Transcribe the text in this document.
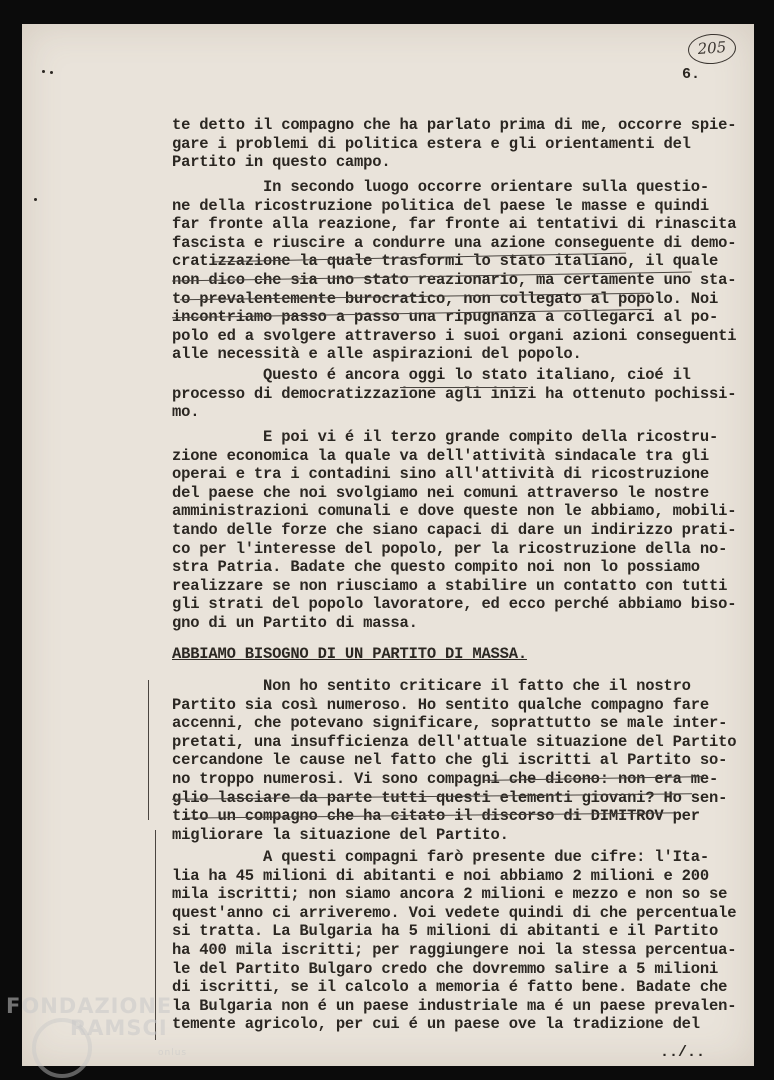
205
6.

te detto il compagno che ha parlato prima di me, occorre spie-
gare i problemi di politica estera e gli orientamenti del
Partito in questo campo.

In secondo luogo occorre orientare sulla questio-
ne della ricostruzione politica del paese le masse e quindi
far fronte alla reazione, far fronte ai tentativi di rinascita
fascista e riuscire a condurre una azione conseguente di demo-
cratizzazione la quale trasformi lo stato italiano, il quale
non dico che sia uno stato reazionario, ma certamente uno sta-
to prevalentemente burocratico, non collegato al popolo. Noi
incontriamo passo a passo una ripugnanza a collegarci al po-
polo ed a svolgere attraverso i suoi organi azioni conseguenti
alle necessità e alle aspirazioni del popolo.

Questo é ancora oggi lo stato italiano, cioé il
processo di democratizzazione agli inizi ha ottenuto pochissi-
mo.

E poi vi é il terzo grande compito della ricostru-
zione economica la quale va dell'attività sindacale tra gli
operai e tra i contadini sino all'attività di ricostruzione
del paese che noi svolgiamo nei comuni attraverso le nostre
amministrazioni comunali e dove queste non le abbiamo, mobili-
tando delle forze che siano capaci di dare un indirizzo prati-
co per l'interesse del popolo, per la ricostruzione della no-
stra Patria. Badate che questo compito noi non lo possiamo
realizzare se non riusciamo a stabilire un contatto con tutti
gli strati del popolo lavoratore, ed ecco perché abbiamo biso-
gno di un Partito di massa.

ABBIAMO BISOGNO DI UN PARTITO DI MASSA.

Non ho sentito criticare il fatto che il nostro
Partito sia così numeroso. Ho sentito qualche compagno fare
accenni, che potevano significare, soprattutto se male inter-
pretati, una insufficienza dell'attuale situazione del Partito
cercandone le cause nel fatto che gli iscritti al Partito so-
no troppo numerosi. Vi sono compagni che dicono: non era me-
glio lasciare da parte tutti questi elementi giovani? Ho sen-
tito un compagno che ha citato il discorso di DIMITROV per
migliorare la situazione del Partito.

A questi compagni farò presente due cifre: l'Ita-
lia ha 45 milioni di abitanti e noi abbiamo 2 milioni e 200
mila iscritti; non siamo ancora 2 milioni e mezzo e non so se
quest'anno ci arriveremo. Voi vedete quindi di che percentuale
si tratta. La Bulgaria ha 5 milioni di abitanti e il Partito
ha 400 mila iscritti; per raggiungere noi la stessa percentua-
le del Partito Bulgaro credo che dovremmo salire a 5 milioni
di iscritti, se il calcolo a memoria é fatto bene. Badate che
la Bulgaria non é un paese industriale ma é un paese prevalen-
temente agricolo, per cui é un paese ove la tradizione del

../..
FONDAZIONE
RAMSCI
onlus
